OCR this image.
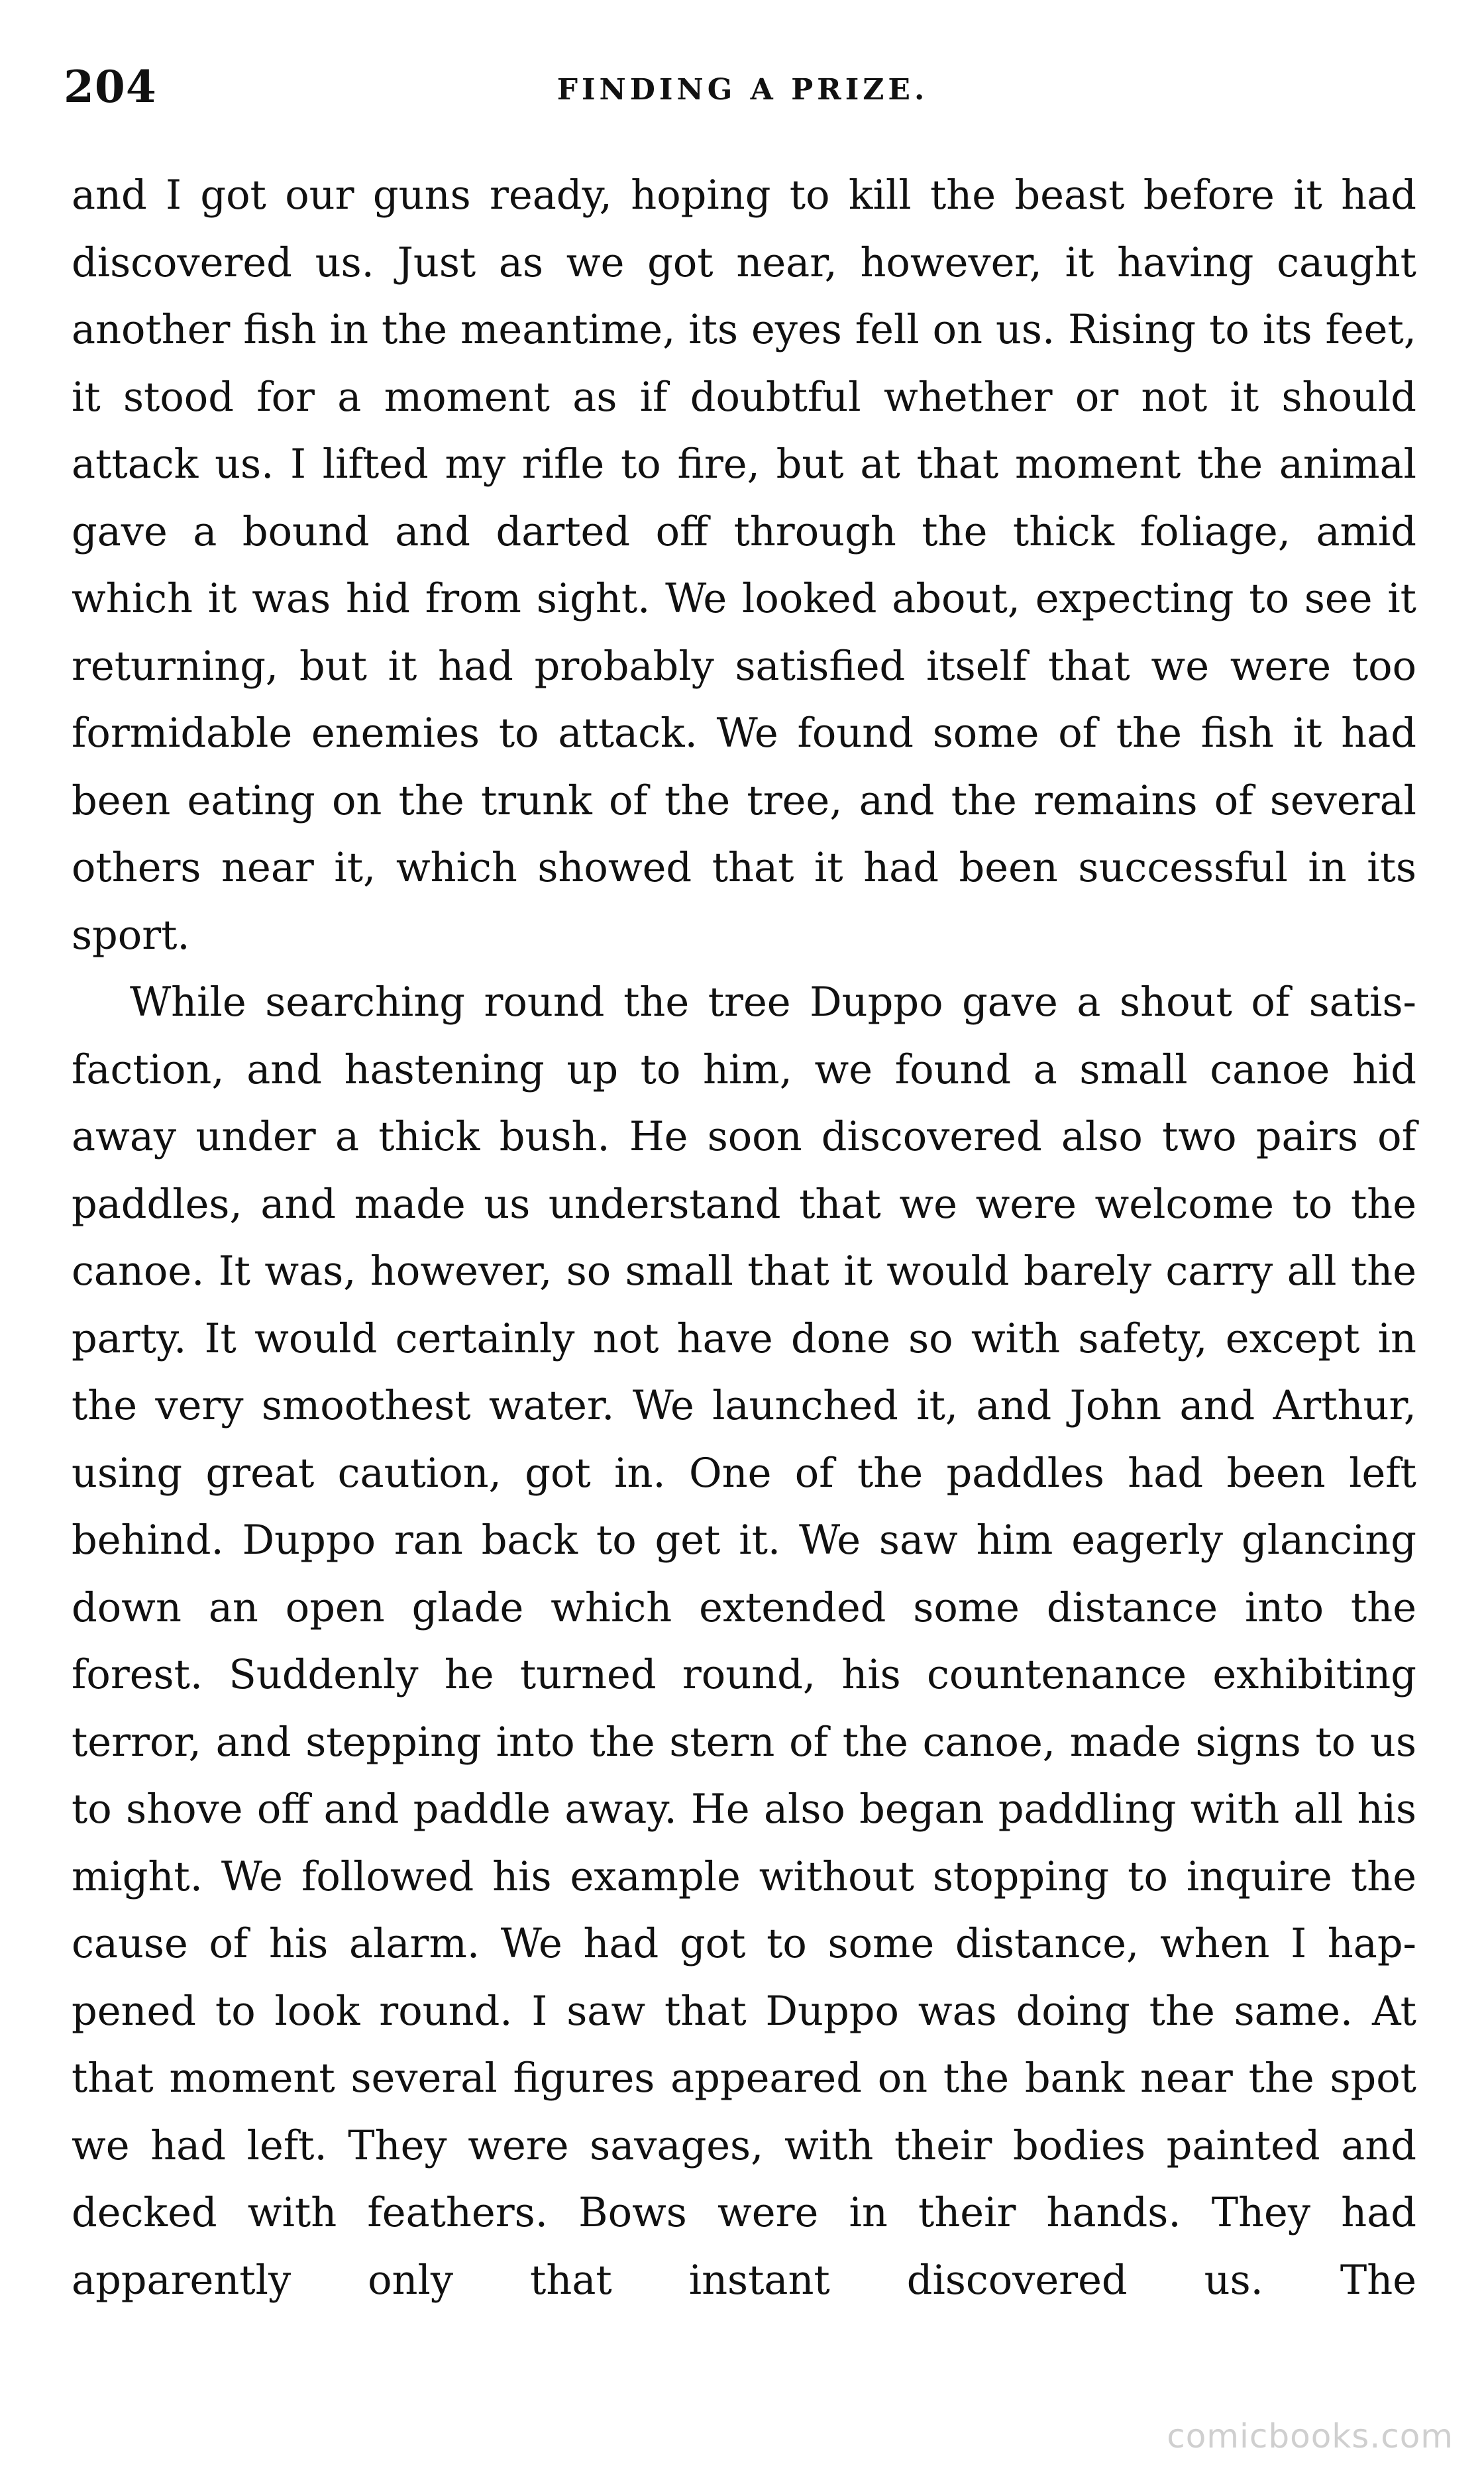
204	FINDING A PRIZE.

and I got our guns ready, hoping to kill the beast before it had discovered us. Just as we got near, however, it having caught another fish in the meantime, its eyes fell on us. Rising to its feet, it stood for a moment as if doubtful whether or not it should attack us. I lifted my rifle to fire, but at that moment the animal gave a bound and darted off through the thick foliage, amid which it was hid from sight. We looked about, expecting to see it returning, but it had probably satisfied itself that we were too formidable enemies to attack. We found some of the fish it had been eating on the trunk of the tree, and the remains of several others near it, which showed that it had been successful in its sport.

While searching round the tree Duppo gave a shout of satis-faction, and hastening up to him, we found a small canoe hid away under a thick bush. He soon discovered also two pairs of paddles, and made us understand that we were welcome to the canoe. It was, however, so small that it would barely carry all the party. It would certainly not have done so with safety, except in the very smoothest water. We launched it, and John and Arthur, using great caution, got in. One of the paddles had been left behind. Duppo ran back to get it. We saw him eagerly glancing down an open glade which extended some distance into the forest. Suddenly he turned round, his countenance exhibiting terror, and stepping into the stern of the canoe, made signs to us to shove off and paddle away. He also began paddling with all his might. We followed his example without stopping to inquire the cause of his alarm. We had got to some distance, when I hap-pened to look round. I saw that Duppo was doing the same. At that moment several figures appeared on the bank near the spot we had left. They were savages, with their bodies painted and decked with feathers. Bows were in their hands. They had apparently only that instant discovered us. The

comicbooks.com
